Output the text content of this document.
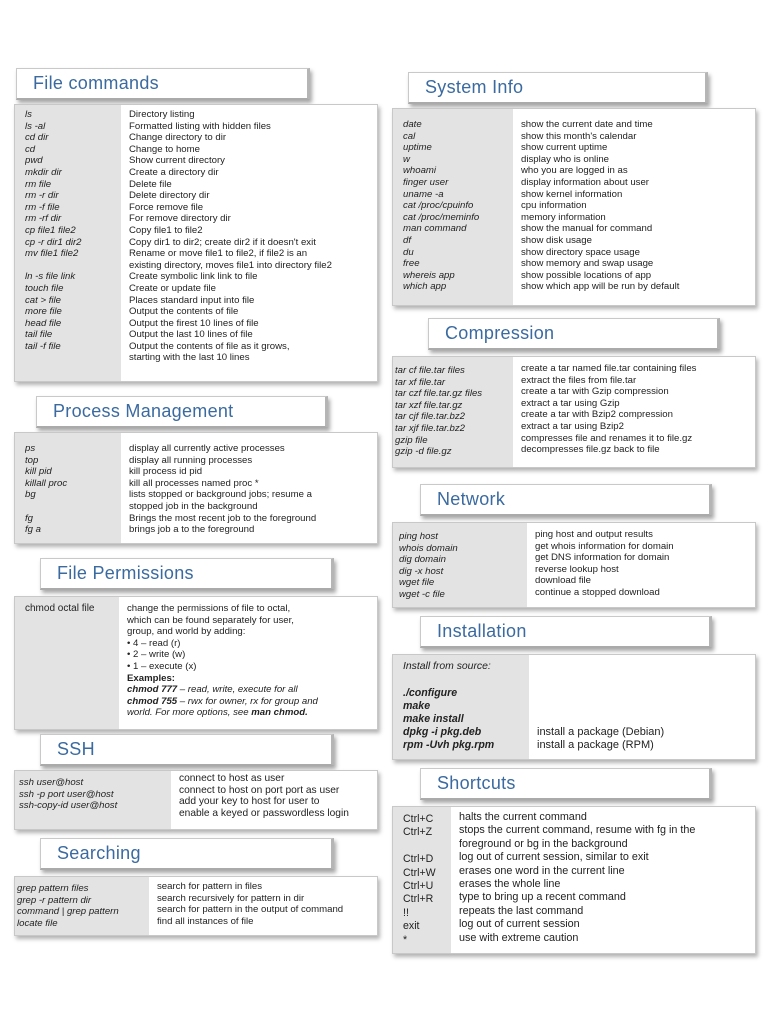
File commands
ls
ls -al
cd dir
cd
pwd
mkdir dir
rm file
rm -r dir
rm -f file
rm -rf dir
cp file1 file2
cp -r dir1 dir2
mv file1 file2

ln -s file link
touch file
cat > file
more file
head file
tail file
tail -f file

Directory listing
Formatted listing with hidden files
Change directory to dir
Change to home
Show current directory
Create a directory dir
Delete file
Delete directory dir
Force remove file
For remove directory dir
Copy file1 to file2
Copy dir1 to dir2; create dir2 if it doesn't exit
Rename or move file1 to file2, if file2 is an
existing directory, moves file1 into directory file2
Create symbolic link link to file
Create or update file
Places standard input into file
Output the contents of file
Output the firest 10 lines of file
Output the last 10 lines of file
Output the contents of file as it grows,
starting with the last 10 lines
Process Management
ps
top
kill pid
killall proc
bg

fg
fg a
display all currently active processes
display all running processes
kill process id pid
kill all processes named proc *
lists stopped or background jobs; resume a
stopped job in the background
Brings the most recent job to the foreground
brings job a to the foreground
File Permissions
chmod octal file	change the permissions of file to octal,
which can be found separately for user,
group, and world by adding:
• 4 – read (r)
• 2 – write (w)
• 1 – execute (x)
Examples:
chmod 777 – read, write, execute for all
chmod 755 – rwx for owner, rx for group and
world. For more options, see man chmod.
SSH
ssh user@host
ssh -p port user@host
ssh-copy-id user@host

connect to host as user
connect to host on port port as user
add your key to host for user to
enable a keyed or passwordless login
Searching
grep pattern files
grep -r pattern dir
command | grep pattern
locate file
search for pattern in files
search recursively for pattern in dir
search for pattern in the output of command
find all instances of file
System Info
date
cal
uptime
w
whoami
finger user
uname -a
cat /proc/cpuinfo
cat /proc/meminfo
man command
df
du
free
whereis app
which app
show the current date and time
show this month's calendar
show current uptime
display who is online
who you are logged in as
display information about user
show kernel information
cpu information
memory information
show the manual for command
show disk usage
show directory space usage
show memory and swap usage
show possible locations of app
show which app will be run by default
Compression
tar cf file.tar files
tar xf file.tar
tar czf file.tar.gz files
tar xzf file.tar.gz
tar cjf file.tar.bz2
tar xjf file.tar.bz2
gzip file
gzip -d file.gz
create a tar named file.tar containing files
extract the files from file.tar
create a tar with Gzip compression
extract a tar using Gzip
create a tar with Bzip2 compression
extract a tar using Bzip2
compresses file and renames it to file.gz
decompresses file.gz back to file
Network
ping host
whois domain
dig domain
dig -x host
wget file
wget -c file
ping host and output results
get whois information for domain
get DNS information for domain
reverse lookup host
download file
continue a stopped download
Installation
Install from source:
./configure
make
make install
dpkg -i pkg.deb
rpm -Uvh pkg.rpm
install a package (Debian)
install a package (RPM)
Shortcuts
Ctrl+C
Ctrl+Z

Ctrl+D
Ctrl+W
Ctrl+U
Ctrl+R
!!
exit
*
halts the current command
stops the current command, resume with fg in the
foreground or bg in the background
log out of current session, similar to exit
erases one word in the current line
erases the whole line
type to bring up a recent command
repeats the last command
log out of current session
use with extreme caution
